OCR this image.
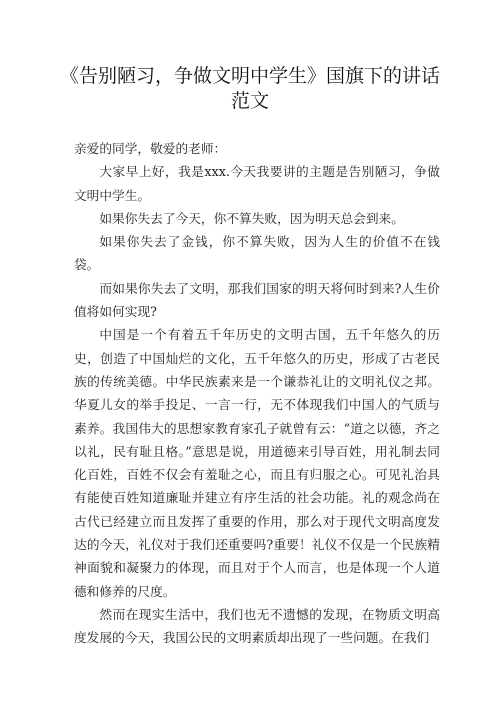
《告别陋习，争做文明中学生》国旗下的讲话范文

亲爱的同学，敬爱的老师：

大家早上好，我是xxx.今天我要讲的主题是告别陋习，争做文明中学生。

如果你失去了今天，你不算失败，因为明天总会到来。

如果你失去了金钱，你不算失败，因为人生的价值不在钱袋。

而如果你失去了文明，那我们国家的明天将何时到来?人生价值将如何实现?

中国是一个有着五千年历史的文明古国，五千年悠久的历史，创造了中国灿烂的文化，五千年悠久的历史，形成了古老民族的传统美德。中华民族素来是一个谦恭礼让的文明礼仪之邦。华夏儿女的举手投足、一言一行，无不体现我们中国人的气质与素养。我国伟大的思想家教育家孔子就曾有云：“道之以德，齐之以礼，民有耻且格。”意思是说，用道德来引导百姓，用礼制去同化百姓，百姓不仅会有羞耻之心，而且有归服之心。可见礼治具有能使百姓知道廉耻并建立有序生活的社会功能。礼的观念尚在古代已经建立而且发挥了重要的作用，那么对于现代文明高度发达的今天，礼仪对于我们还重要吗?重要！礼仪不仅是一个民族精神面貌和凝聚力的体现，而且对于个人而言，也是体现一个人道德和修养的尺度。

然而在现实生活中，我们也无不遗憾的发现，在物质文明高度发展的今天，我国公民的文明素质却出现了一些问题。在我们
